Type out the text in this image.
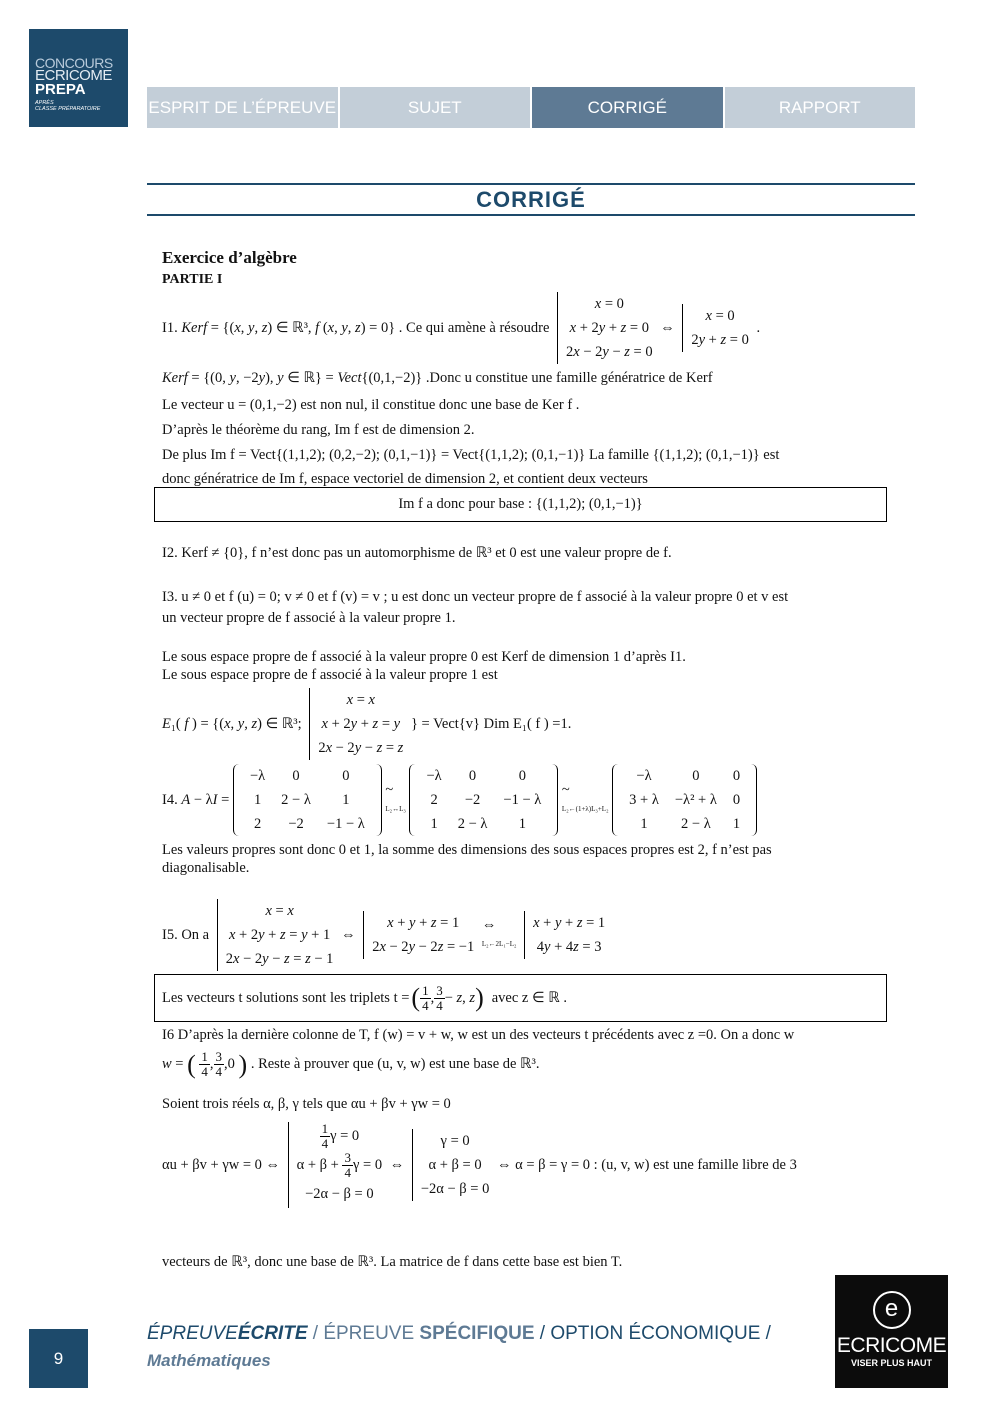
CONCOURS
ECRICOME
PREPA
APRÈS
CLASSE PRÉPARATOIRE	ESPRIT DE L’ÉPREUVE	SUJET	CORRIGÉ	RAPPORT
CORRIGÉ
Exercice d’algèbre
PARTIE I
I1. Kerf = {(x, y, z) ∈ ℝ³, f (x, y, z) = 0} . Ce qui amène à résoudre x = 0
x + 2y + z = 0
2x − 2y − z = 0 ⇔ x = 0
2y + z = 0 .
Kerf = {(0, y, −2y), y ∈ ℝ} = Vect{(0,1,−2)} .Donc u constitue une famille génératrice de Kerf
Le vecteur u = (0,1,−2) est non nul, il constitue donc une base de Ker f .
D’après le théorème du rang, Im f est de dimension 2.
De plus Im f = Vect{(1,1,2); (0,2,−2); (0,1,−1)} = Vect{(1,1,2); (0,1,−1)} La famille {(1,1,2); (0,1,−1)} est
donc génératrice de Im f, espace vectoriel de dimension 2, et contient deux vecteurs
Im f a donc pour base : {(1,1,2); (0,1,−1)}
I2. Kerf ≠ {0}, f n’est donc pas un automorphisme de ℝ³ et 0 est une valeur propre de f.
I3. u ≠ 0 et f (u) = 0; v ≠ 0 et f (v) = v ; u est donc un vecteur propre de f associé à la valeur propre 0 et v est
un vecteur propre de f associé à la valeur propre 1.
Le sous espace propre de f associé à la valeur propre 0 est Kerf de dimension 1 d’après I1.
Le sous espace propre de f associé à la valeur propre 1 est
E₁( f ) = {(x, y, z) ∈ ℝ³; x = x
x + 2y + z = y
2x − 2y − z = z } = Vect{v} Dim E₁( f ) =1.
I4. A − λI =
−λ	0	0
1	2 − λ	1
2	−2	−1 − λ
~
L₂↔L₃
−λ	0	0
2	−2	−1 − λ
1	2 − λ	1
~
L₂←(1+λ)L₃+L₂
−λ	0	0
3 + λ	−λ² + λ	0
1	2 − λ	1
Les valeurs propres sont donc 0 et 1, la somme des dimensions des sous espaces propres est 2, f n’est pas
diagonalisable.
I5. On a x = x
x + 2y + z = y + 1
2x − 2y − z = z − 1 ⇔ x + y + z = 1
2x − 2y − 2z = −1 ⇔
L₂←2L₁−L₂ x + y + z = 1
4y + 4z = 3
Les vecteurs t solutions sont les triplets t = ( $\frac{1}{4}$ , $\frac{3}{4} - z$, z ) avec z ∈ ℝ .
I6 D’après la dernière colonne de T, f (w) = v + w, w est un des vecteurs t précédents avec z =0. On a donc w
w = ( $\frac{1}{4}$ , $\frac{3}{4} ,0$ ) . Reste à prouver que (u, v, w) est une base de ℝ³.
Soient trois réels α, β, γ tels que αu + βv + γw = 0
αu + βv + γw = 0 ⇔
$\frac{1}{4}$ γ = 0
$\alpha + \beta + \frac{3}{4}$ γ = 0
−2α − β = 0 ⇔ γ = 0
α + β = 0
−2α − β = 0 ⇔ α = β = γ = 0 : (u, v, w) est une famille libre de 3
vecteurs de ℝ³, donc une base de ℝ³. La matrice de f dans cette base est bien T.
9
ÉPREUVEÉCRITE / ÉPREUVE SPÉCIFIQUE / OPTION ÉCONOMIQUE /
Mathématiques
e
ECRICOME
VISER PLUS HAUT
